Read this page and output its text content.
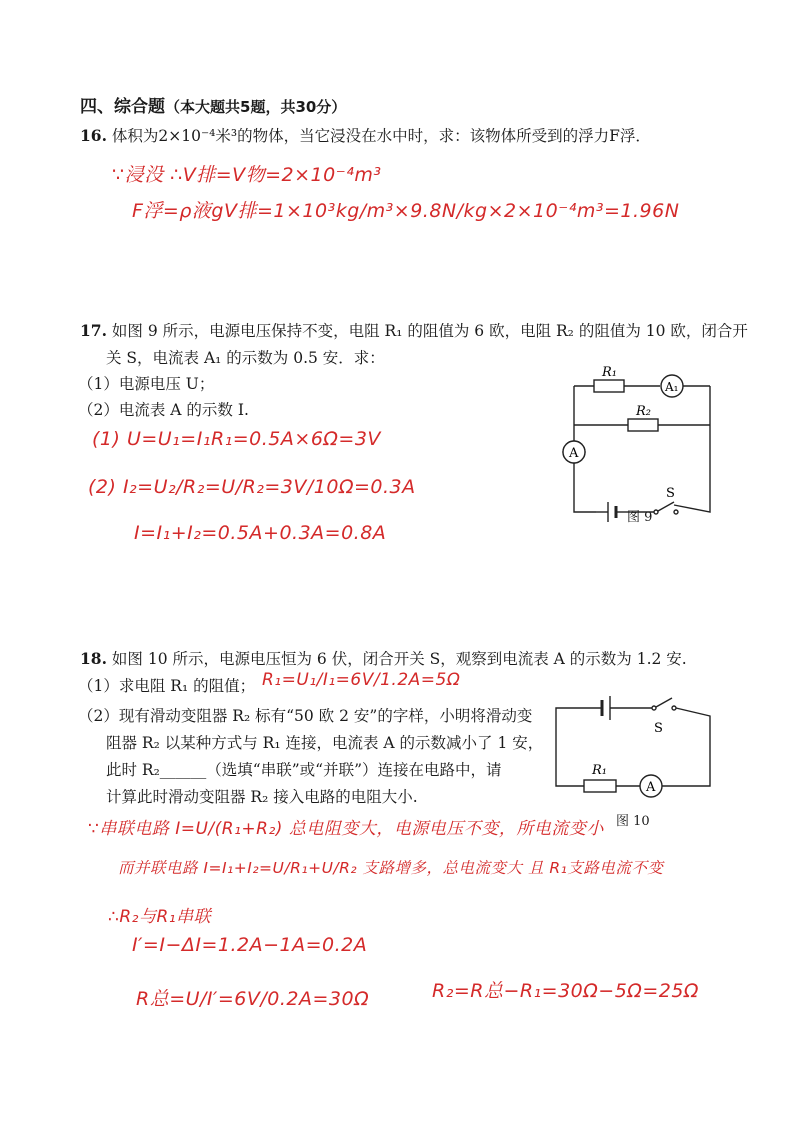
四、综合题（本大题共5题，共30分）
16. 体积为2×10⁻⁴米³的物体，当它浸没在水中时，求：该物体所受到的浮力F浮．
∵浸没 ∴V排=V物=2×10⁻⁴m³
F浮=ρ液gV排=1×10³kg/m³×9.8N/kg×2×10⁻⁴m³=1.96N
17. 如图 9 所示，电源电压保持不变，电阻 R₁ 的阻值为 6 欧，电阻 R₂ 的阻值为 10 欧，闭合开
关 S，电流表 A₁ 的示数为 0.5 安．求：
（1）电源电压 U；
（2）电流表 A 的示数 I.
(1) U=U₁=I₁R₁=0.5A×6Ω=3V
(2) I₂=U₂/R₂=U/R₂=3V/10Ω=0.3A
I=I₁+I₂=0.5A+0.3A=0.8A
R₁
R₂
A₁
A
S
图 9
18. 如图 10 所示，电源电压恒为 6 伏，闭合开关 S，观察到电流表 A 的示数为 1.2 安.
（1）求电阻 R₁ 的阻值； R₁=U₁/I₁=6V/1.2A=5Ω
（2）现有滑动变阻器 R₂ 标有“50 欧 2 安”的字样，小明将滑动变
阻器 R₂ 以某种方式与 R₁ 连接，电流表 A 的示数减小了 1 安，
此时 R₂______（选填“串联”或“并联”）连接在电路中，请
计算此时滑动变阻器 R₂ 接入电路的电阻大小.
S
R₁
A
图 10
∵串联电路 I=U/(R₁+R₂) 总电阻变大，电源电压不变，所电流变小
而并联电路 I=I₁+I₂=U/R₁+U/R₂ 支路增多，总电流变大 且 R₁支路电流不变
∴R₂与R₁串联
I′=I−ΔI=1.2A−1A=0.2A
R总=U/I′=6V/0.2A=30Ω	R₂=R总−R₁=30Ω−5Ω=25Ω
